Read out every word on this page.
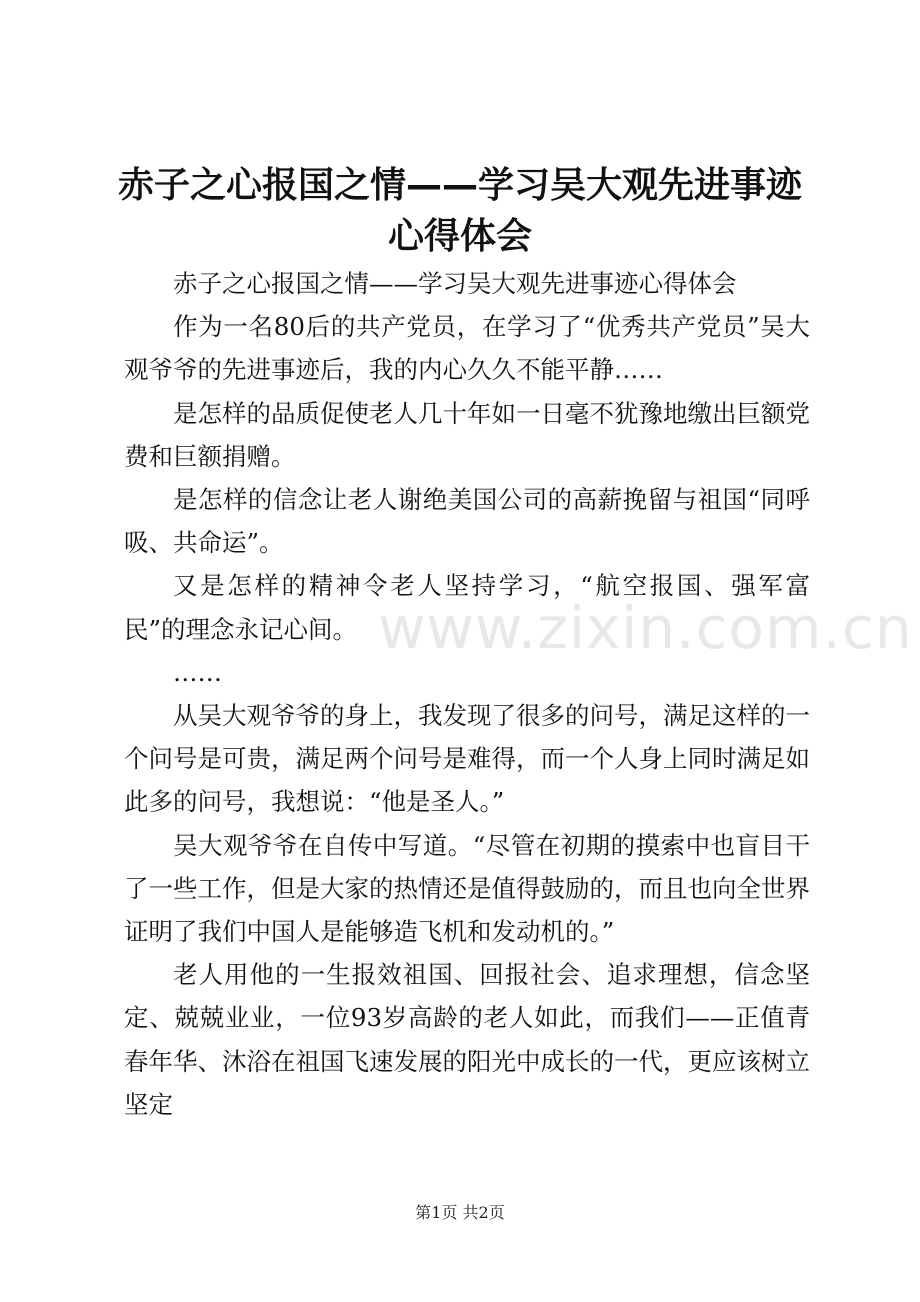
赤子之心报国之情——学习吴大观先进事迹心得体会

赤子之心报国之情——学习吴大观先进事迹心得体会

作为一名80后的共产党员，在学习了“优秀共产党员”吴大观爷爷的先进事迹后，我的内心久久不能平静……

是怎样的品质促使老人几十年如一日毫不犹豫地缴出巨额党费和巨额捐赠。

是怎样的信念让老人谢绝美国公司的高薪挽留与祖国“同呼吸、共命运”。

又是怎样的精神令老人坚持学习，“航空报国、强军富民”的理念永记心间。

……

从吴大观爷爷的身上，我发现了很多的问号，满足这样的一个问号是可贵，满足两个问号是难得，而一个人身上同时满足如此多的问号，我想说：“他是圣人。”

吴大观爷爷在自传中写道。“尽管在初期的摸索中也盲目干了一些工作，但是大家的热情还是值得鼓励的，而且也向全世界证明了我们中国人是能够造飞机和发动机的。”

老人用他的一生报效祖国、回报社会、追求理想，信念坚定、兢兢业业，一位93岁高龄的老人如此，而我们——正值青春年华、沐浴在祖国飞速发展的阳光中成长的一代，更应该树立坚定

www.zixin.com.cn
第1页 共2页
